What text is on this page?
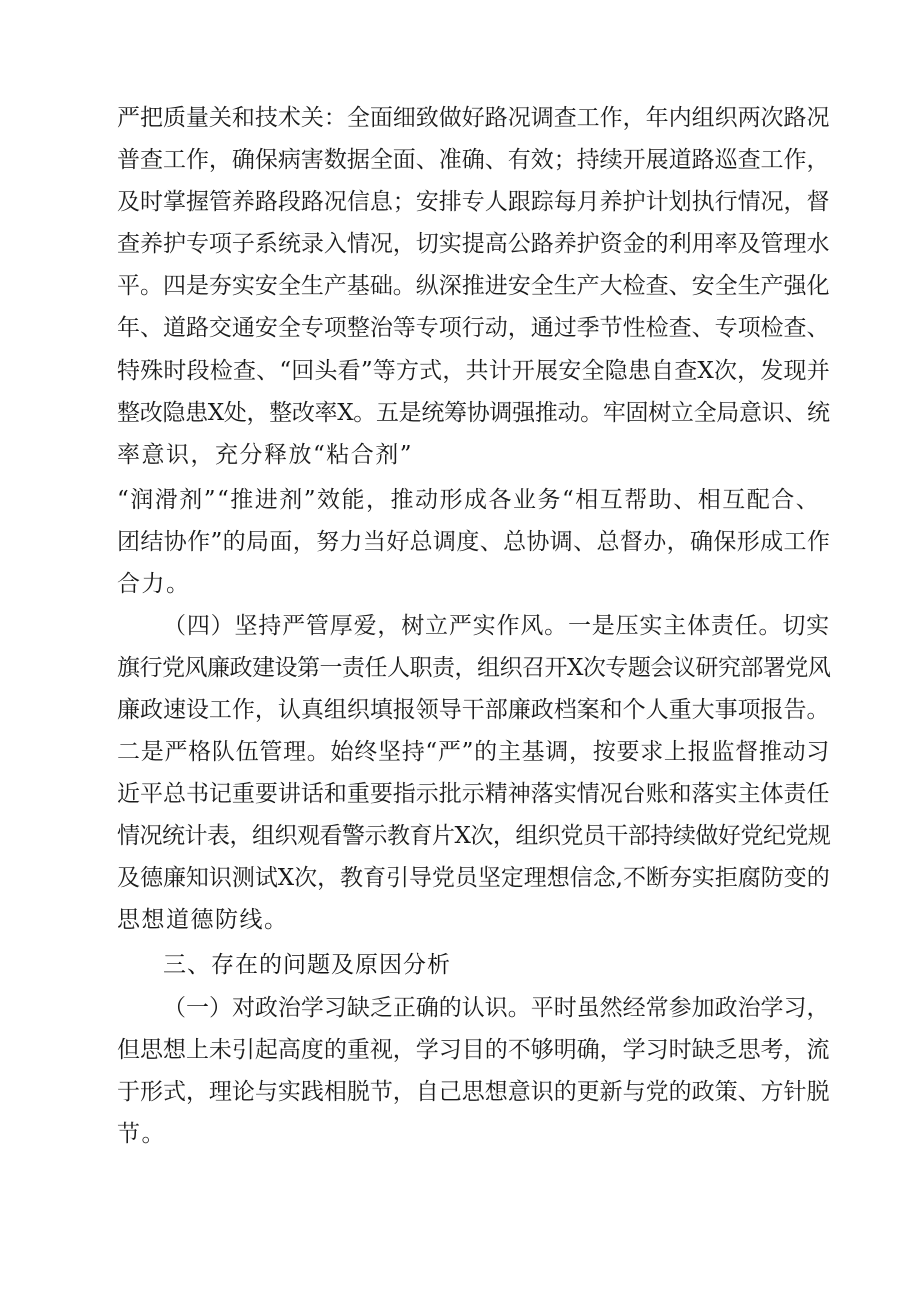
严把质量关和技术关：全面细致做好路况调查工作，年内组织两次路况
普查工作，确保病害数据全面、准确、有效；持续开展道路巡查工作，
及时掌握管养路段路况信息；安排专人跟踪每月养护计划执行情况，督
查养护专项子系统录入情况，切实提高公路养护资金的利用率及管理水
平。四是夯实安全生产基础。纵深推进安全生产大检查、安全生产强化
年、道路交通安全专项整治等专项行动，通过季节性检查、专项检查、
特殊时段检查、“回头看”等方式，共计开展安全隐患自查X次，发现并
整改隐患X处，整改率X。五是统筹协调强推动。牢固树立全局意识、统
率意识，充分释放“粘合剂”
“润滑剂”“推进剂”效能，推动形成各业务“相互帮助、相互配合、
团结协作”的局面，努力当好总调度、总协调、总督办，确保形成工作
合力。
（四）坚持严管厚爱，树立严实作风。一是压实主体责任。切实
旗行党风廉政建设第一责任人职责，组织召开X次专题会议研究部署党风
廉政速设工作，认真组织填报领导干部廉政档案和个人重大事项报告。
二是严格队伍管理。始终坚持“严”的主基调，按要求上报监督推动习
近平总书记重要讲话和重要指示批示精神落实情况台账和落实主体责任
情况统计表，组织观看警示教育片X次，组织党员干部持续做好党纪党规
及德廉知识测试X次，教育引导党员坚定理想信念,不断夯实拒腐防变的
思想道德防线。
三、存在的问题及原因分析
（一）对政治学习缺乏正确的认识。平时虽然经常参加政治学习，
但思想上未引起高度的重视，学习目的不够明确，学习时缺乏思考，流
于形式，理论与实践相脱节，自己思想意识的更新与党的政策、方针脱
节。
